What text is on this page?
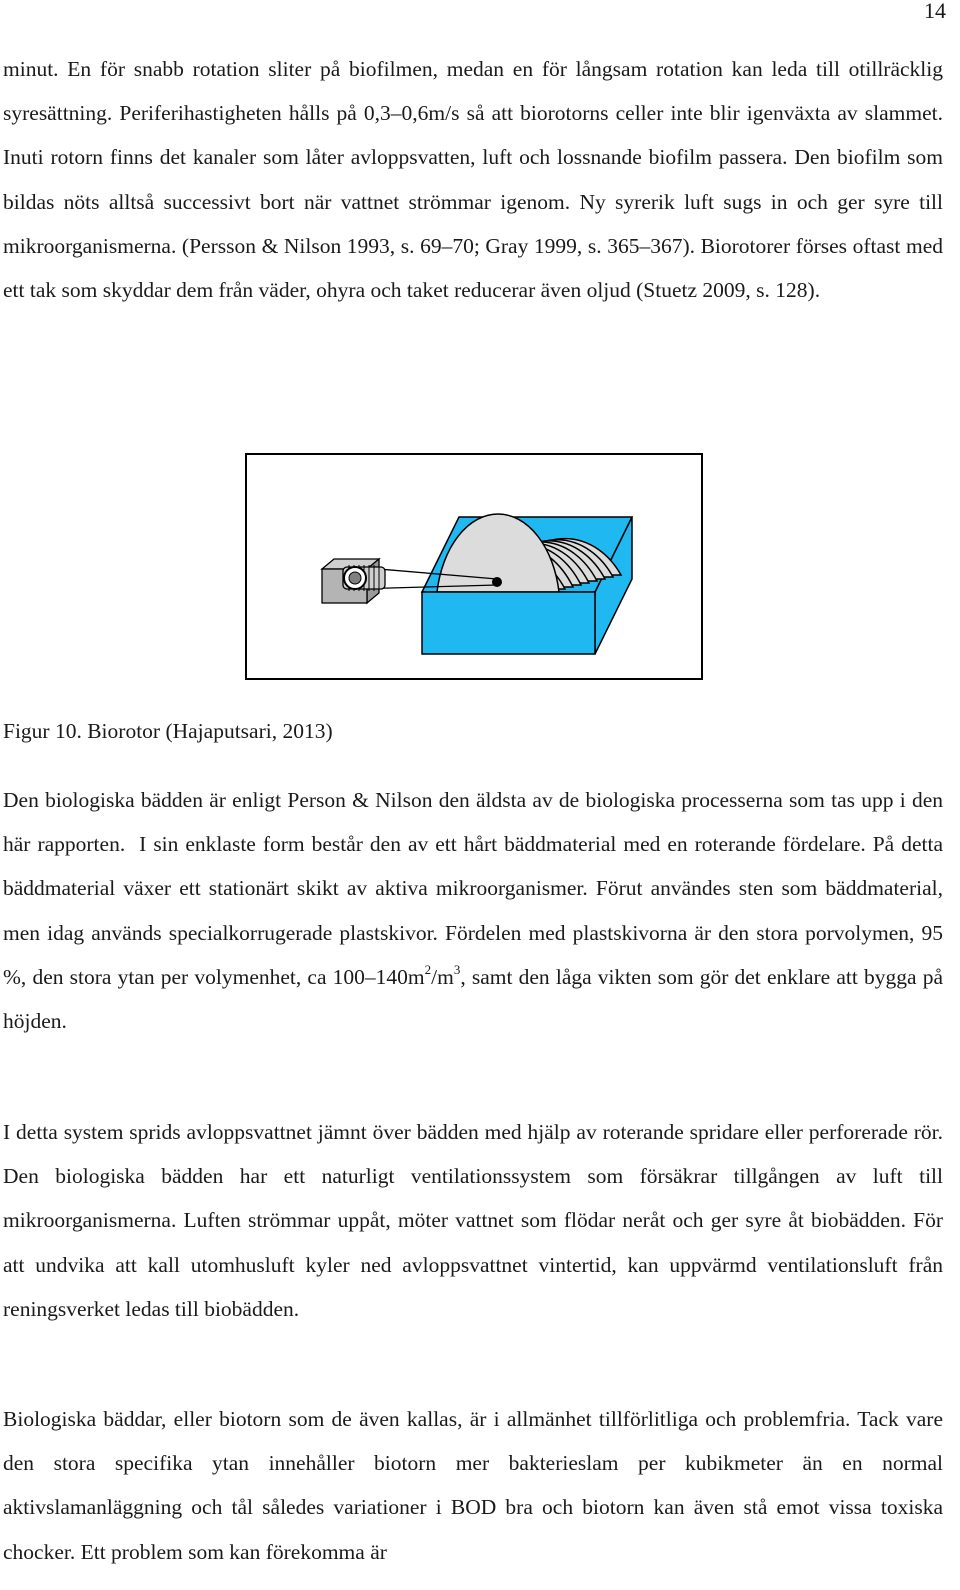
14

minut. En för snabb rotation sliter på biofilmen, medan en för långsam rotation kan leda till otillräcklig syresättning. Periferihastigheten hålls på 0,3–0,6m/s så att biorotorns celler inte blir igenväxta av slammet. Inuti rotorn finns det kanaler som låter avloppsvatten, luft och lossnande biofilm passera. Den biofilm som bildas nöts alltså successivt bort när vattnet strömmar igenom. Ny syrerik luft sugs in och ger syre till mikroorganismerna. (Persson & Nilson 1993, s. 69–70; Gray 1999, s. 365–367). Biorotorer förses oftast med ett tak som skyddar dem från väder, ohyra och taket reducerar även oljud (Stuetz 2009, s. 128).

Figur 10. Biorotor (Hajaputsari, 2013)

Den biologiska bädden är enligt Person & Nilson den äldsta av de biologiska processerna som tas upp i den här rapporten.  I sin enklaste form består den av ett hårt bäddmaterial med en roterande fördelare. På detta bäddmaterial växer ett stationärt skikt av aktiva mikroorganismer. Förut användes sten som bäddmaterial, men idag används specialkorrugerade plastskivor. Fördelen med plastskivorna är den stora porvolymen, 95 %, den stora ytan per volymenhet, ca $100-140m^2/m^3$, samt den låga vikten som gör det enklare att bygga på höjden.

I detta system sprids avloppsvattnet jämnt över bädden med hjälp av roterande spridare eller perforerade rör. Den biologiska bädden har ett naturligt ventilationssystem som försäkrar tillgången av luft till mikroorganismerna. Luften strömmar uppåt, möter vattnet som flödar neråt och ger syre åt biobädden. För att undvika att kall utomhusluft kyler ned avloppsvattnet vintertid, kan uppvärmd ventilationsluft från reningsverket ledas till biobädden.

Biologiska bäddar, eller biotorn som de även kallas, är i allmänhet tillförlitliga och problemfria. Tack vare den stora specifika ytan innehåller biotorn mer bakterieslam per kubikmeter än en normal aktivslamanläggning och tål således variationer i BOD bra och biotorn kan även stå emot vissa toxiska chocker. Ett problem som kan förekomma är
